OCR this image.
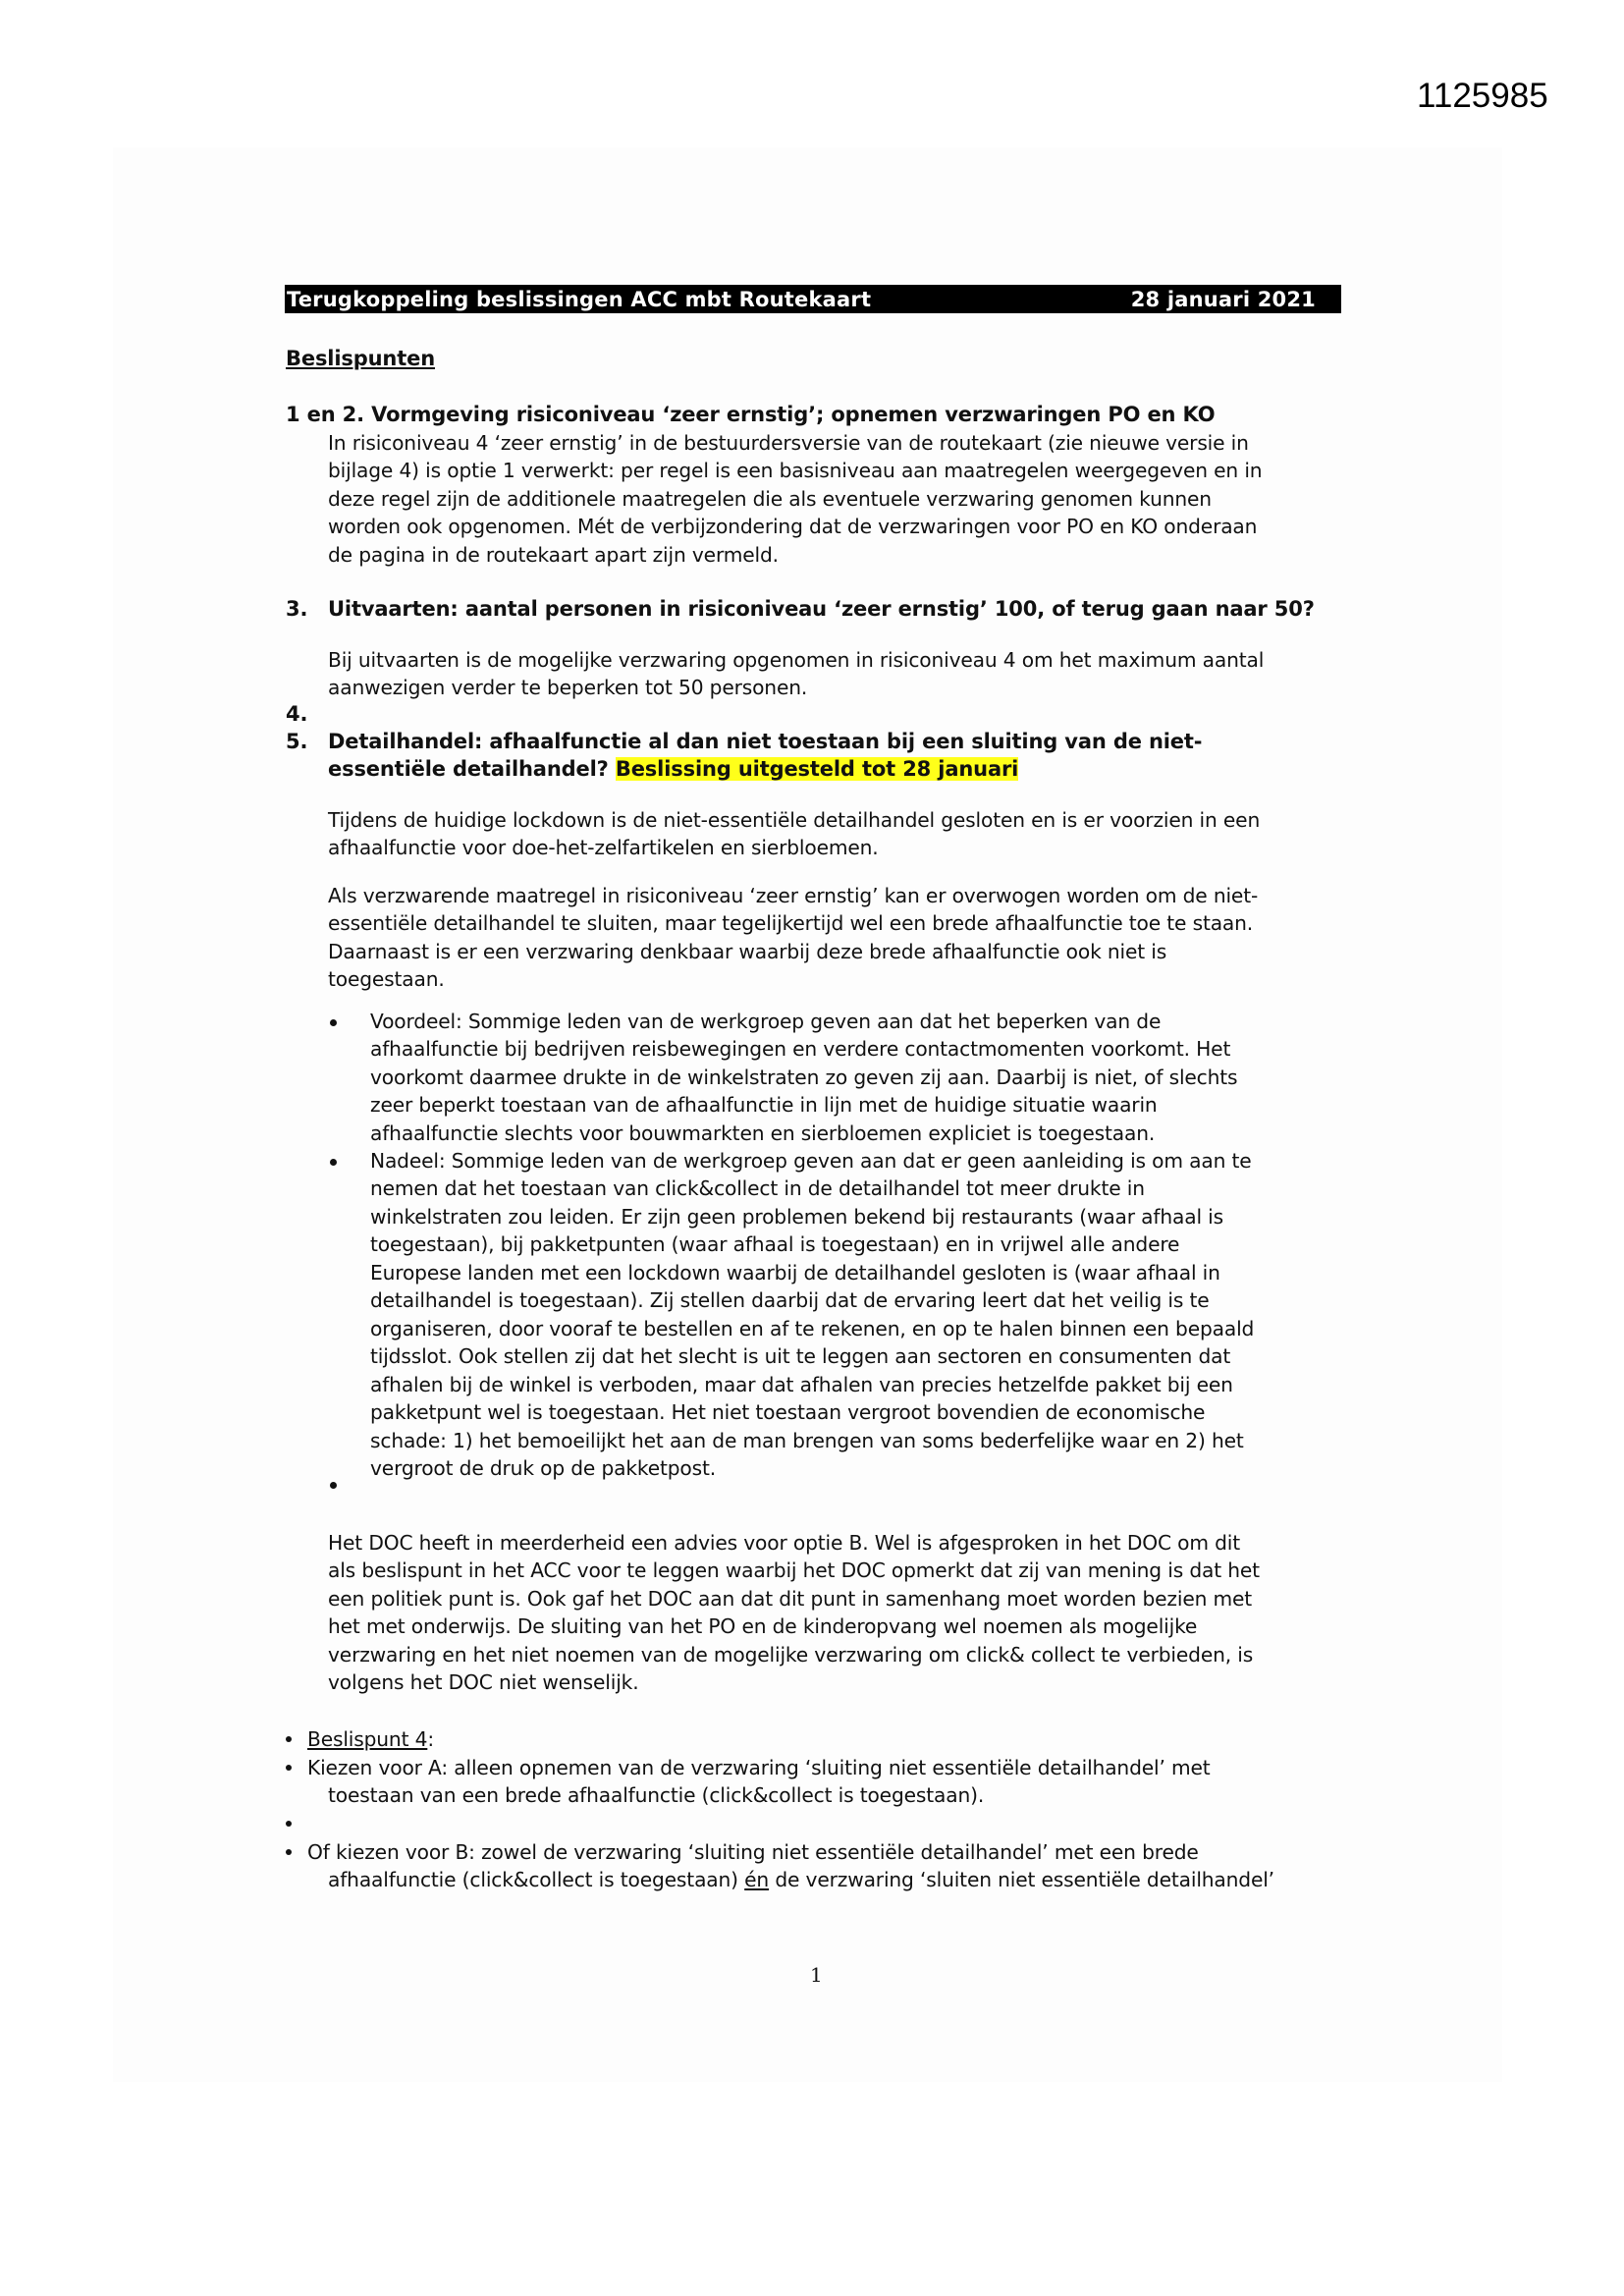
1125985
Terugkoppeling beslissingen ACC mbt Routekaart	28 januari 2021
Beslispunten
1 en 2. Vormgeving risiconiveau ‘zeer ernstig’; opnemen verzwaringen PO en KO
In risiconiveau 4 ‘zeer ernstig’ in de bestuurdersversie van de routekaart (zie nieuwe versie in
bijlage 4) is optie 1 verwerkt: per regel is een basisniveau aan maatregelen weergegeven en in
deze regel zijn de additionele maatregelen die als eventuele verzwaring genomen kunnen
worden ook opgenomen. Mét de verbijzondering dat de verzwaringen voor PO en KO onderaan
de pagina in de routekaart apart zijn vermeld.
3. Uitvaarten: aantal personen in risiconiveau ‘zeer ernstig’ 100, of terug gaan naar 50?
Bij uitvaarten is de mogelijke verzwaring opgenomen in risiconiveau 4 om het maximum aantal
aanwezigen verder te beperken tot 50 personen.
4.
5. Detailhandel: afhaalfunctie al dan niet toestaan bij een sluiting van de niet-
essentiële detailhandel? Beslissing uitgesteld tot 28 januari
Tijdens de huidige lockdown is de niet-essentiële detailhandel gesloten en is er voorzien in een
afhaalfunctie voor doe-het-zelfartikelen en sierbloemen.
Als verzwarende maatregel in risiconiveau ‘zeer ernstig’ kan er overwogen worden om de niet-
essentiële detailhandel te sluiten, maar tegelijkertijd wel een brede afhaalfunctie toe te staan.
Daarnaast is er een verzwaring denkbaar waarbij deze brede afhaalfunctie ook niet is
toegestaan.
Voordeel: Sommige leden van de werkgroep geven aan dat het beperken van de
afhaalfunctie bij bedrijven reisbewegingen en verdere contactmomenten voorkomt. Het
voorkomt daarmee drukte in de winkelstraten zo geven zij aan. Daarbij is niet, of slechts
zeer beperkt toestaan van de afhaalfunctie in lijn met de huidige situatie waarin
afhaalfunctie slechts voor bouwmarkten en sierbloemen expliciet is toegestaan.
Nadeel: Sommige leden van de werkgroep geven aan dat er geen aanleiding is om aan te
nemen dat het toestaan van click&collect in de detailhandel tot meer drukte in
winkelstraten zou leiden. Er zijn geen problemen bekend bij restaurants (waar afhaal is
toegestaan), bij pakketpunten (waar afhaal is toegestaan) en in vrijwel alle andere
Europese landen met een lockdown waarbij de detailhandel gesloten is (waar afhaal in
detailhandel is toegestaan). Zij stellen daarbij dat de ervaring leert dat het veilig is te
organiseren, door vooraf te bestellen en af te rekenen, en op te halen binnen een bepaald
tijdsslot. Ook stellen zij dat het slecht is uit te leggen aan sectoren en consumenten dat
afhalen bij de winkel is verboden, maar dat afhalen van precies hetzelfde pakket bij een
pakketpunt wel is toegestaan. Het niet toestaan vergroot bovendien de economische
schade: 1) het bemoeilijkt het aan de man brengen van soms bederfelijke waar en 2) het
vergroot de druk op de pakketpost.
Het DOC heeft in meerderheid een advies voor optie B. Wel is afgesproken in het DOC om dit
als beslispunt in het ACC voor te leggen waarbij het DOC opmerkt dat zij van mening is dat het
een politiek punt is. Ook gaf het DOC aan dat dit punt in samenhang moet worden bezien met
het met onderwijs. De sluiting van het PO en de kinderopvang wel noemen als mogelijke
verzwaring en het niet noemen van de mogelijke verzwaring om click& collect te verbieden, is
volgens het DOC niet wenselijk.
Beslispunt 4:
Kiezen voor A: alleen opnemen van de verzwaring ‘sluiting niet essentiële detailhandel’ met
toestaan van een brede afhaalfunctie (click&collect is toegestaan).
Of kiezen voor B: zowel de verzwaring ‘sluiting niet essentiële detailhandel’ met een brede
afhaalfunctie (click&collect is toegestaan) én de verzwaring ‘sluiten niet essentiële detailhandel’
1
